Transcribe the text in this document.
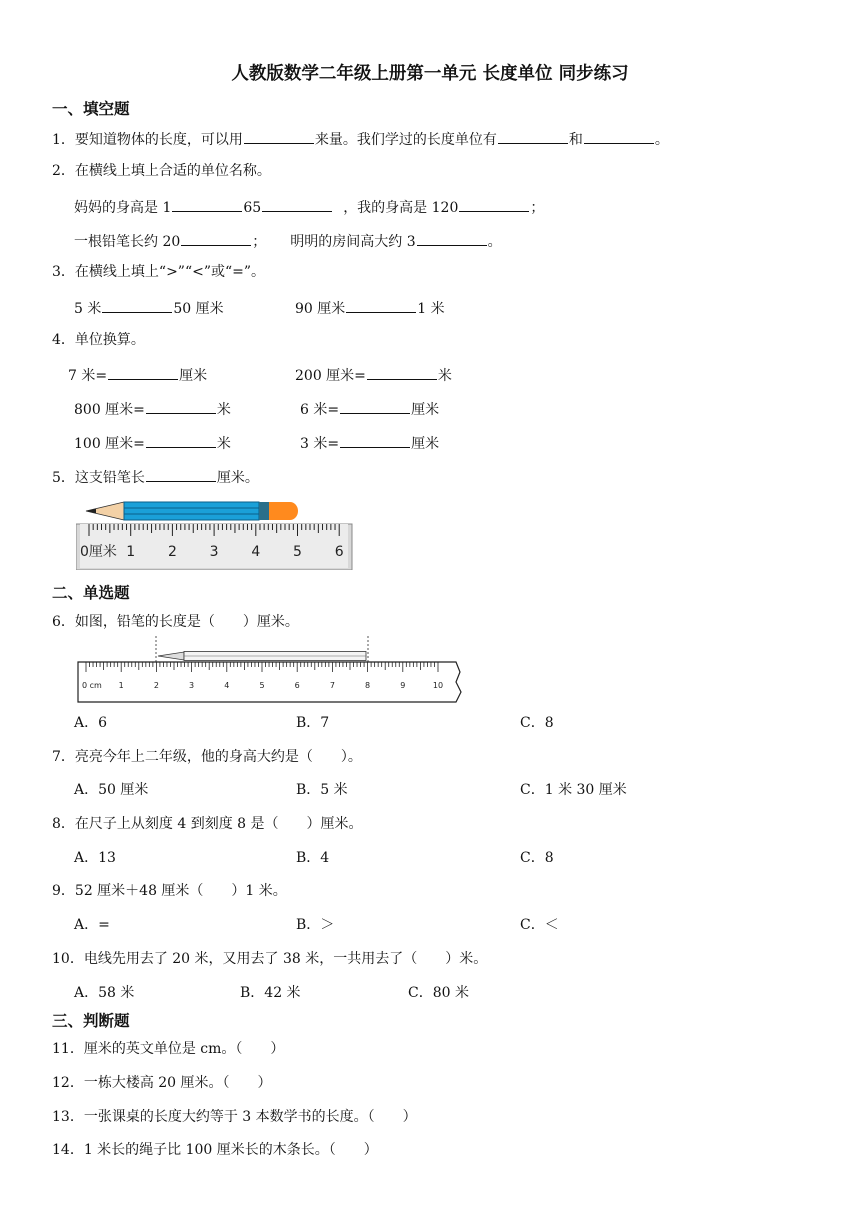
人教版数学二年级上册第一单元 长度单位 同步练习
一、填空题
1．要知道物体的长度，可以用	来量。我们学过的长度单位有	和	。
2．在横线上填上合适的单位名称。
妈妈的身高是 1	65	，我的身高是 120	；
一根铅笔长约 20	； 明明的房间高大约 3	。
3．在横线上填上“>”“<”或“=”。
5 米	50 厘米	90 厘米	1 米
4．单位换算。
7 米=	厘米	200 厘米=	米
800 厘米=	米	6 米=	厘米
100 厘米=	米	3 米=	厘米
5．这支铅笔长	厘米。
0厘米 1 2 3 4 5 6
二、单选题
6．如图，铅笔的长度是（　　）厘米。
0 cm 1	2	3	4	5	6	7	8	9	10
A．6	B．7	C．8
7．亮亮今年上二年级，他的身高大约是（　　）。
A．50 厘米	B．5 米	C．1 米 30 厘米
8．在尺子上从刻度 4 到刻度 8 是（　　）厘米。
A．13	B．4	C．8
9．52 厘米＋48 厘米（　　）1 米。
A．=	B．＞	C．＜
10．电线先用去了 20 米，又用去了 38 米，一共用去了（　　）米。
A．58 米	B．42 米	C．80 米
三、判断题
11．厘米的英文单位是 cm。（　　）
12．一栋大楼高 20 厘米。（　　）
13．一张课桌的长度大约等于 3 本数学书的长度。（　　）
14．1 米长的绳子比 100 厘米长的木条长。（　　）
